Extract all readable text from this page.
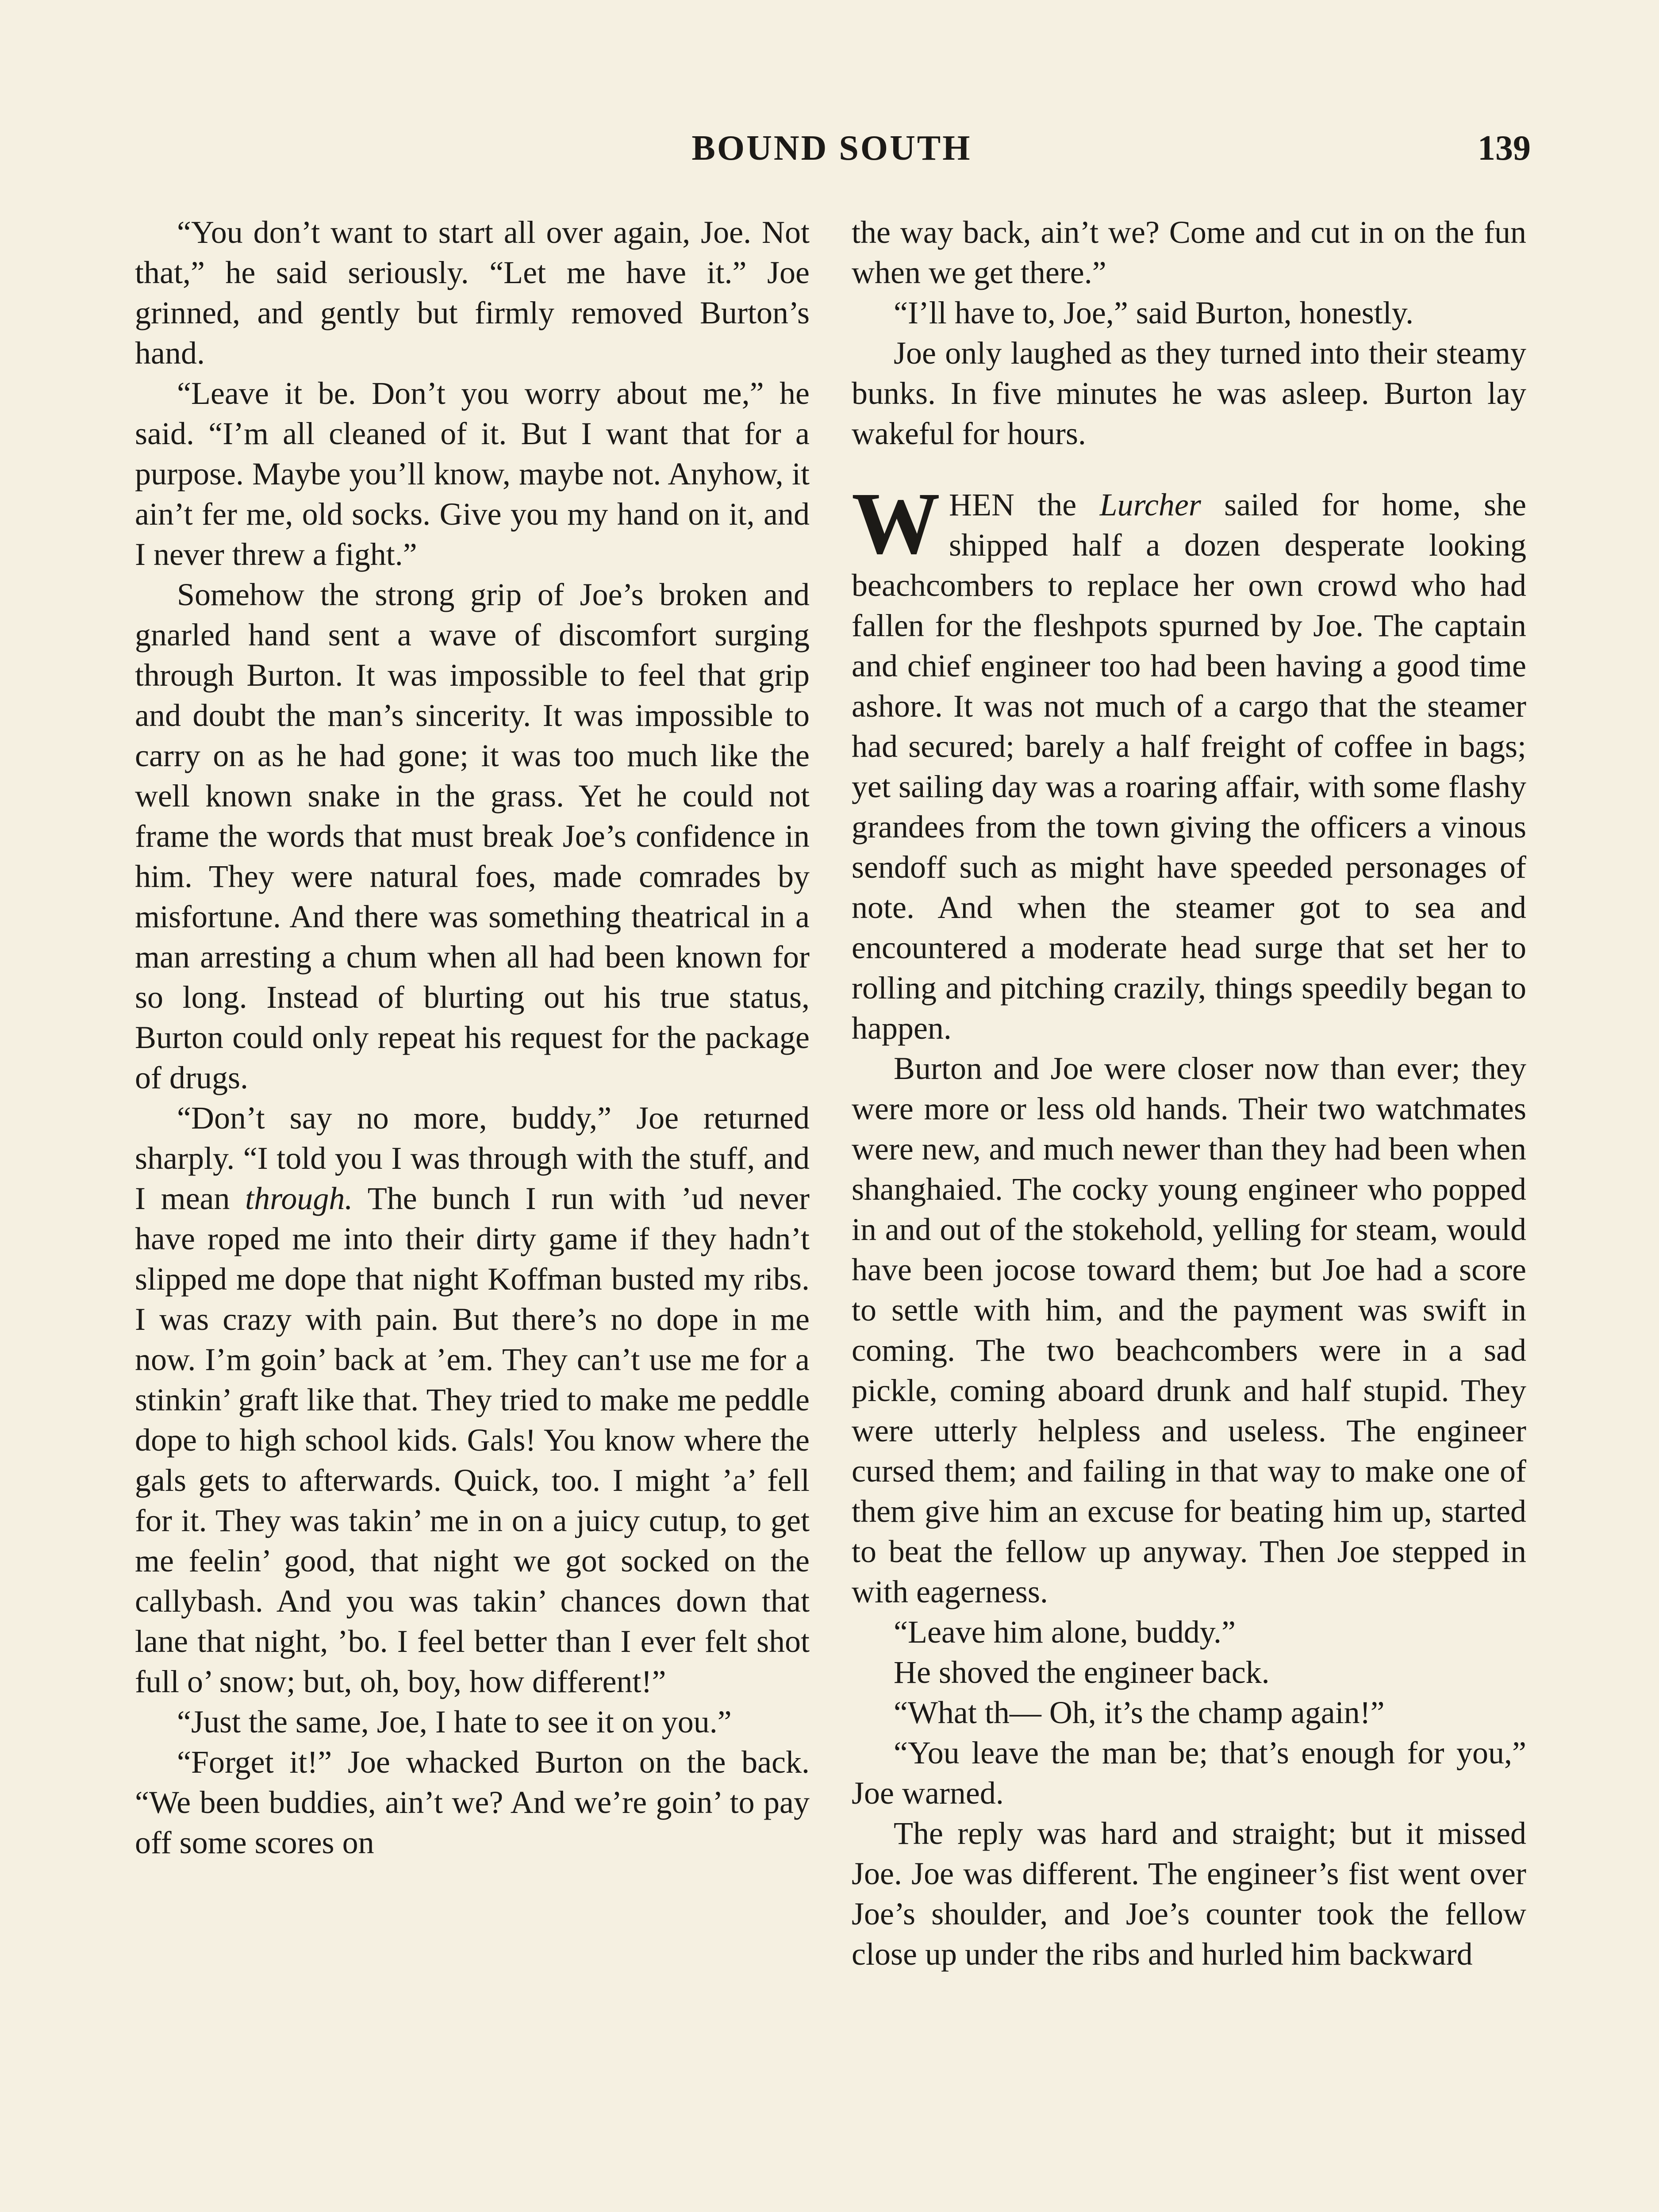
BOUND SOUTH	139

“You don’t want to start all over again, Joe. Not that,” he said seriously. “Let me have it.” Joe grinned, and gently but firmly removed Burton’s hand.

“Leave it be. Don’t you worry about me,” he said. “I’m all cleaned of it. But I want that for a purpose. Maybe you’ll know, maybe not. Anyhow, it ain’t fer me, old socks. Give you my hand on it, and I never threw a fight.”

Somehow the strong grip of Joe’s broken and gnarled hand sent a wave of discomfort surging through Burton. It was impossible to feel that grip and doubt the man’s sincerity. It was impossible to carry on as he had gone; it was too much like the well known snake in the grass. Yet he could not frame the words that must break Joe’s confidence in him. They were natural foes, made comrades by misfortune. And there was something theatrical in a man arresting a chum when all had been known for so long. Instead of blurting out his true status, Burton could only repeat his request for the package of drugs.

“Don’t say no more, buddy,” Joe returned sharply. “I told you I was through with the stuff, and I mean through. The bunch I run with ’ud never have roped me into their dirty game if they hadn’t slipped me dope that night Koffman busted my ribs. I was crazy with pain. But there’s no dope in me now. I’m goin’ back at ’em. They can’t use me for a stinkin’ graft like that. They tried to make me peddle dope to high school kids. Gals! You know where the gals gets to afterwards. Quick, too. I might ’a’ fell for it. They was takin’ me in on a juicy cutup, to get me feelin’ good, that night we got socked on the callybash. And you was takin’ chances down that lane that night, ’bo. I feel better than I ever felt shot full o’ snow; but, oh, boy, how different!”

“Just the same, Joe, I hate to see it on you.”

“Forget it!” Joe whacked Burton on the back. “We been buddies, ain’t we? And we’re goin’ to pay off some scores on

the way back, ain’t we? Come and cut in on the fun when we get there.”

“I’ll have to, Joe,” said Burton, honestly.

Joe only laughed as they turned into their steamy bunks. In five minutes he was asleep. Burton lay wakeful for hours.

WHEN the Lurcher sailed for home, she shipped half a dozen desperate looking beachcombers to replace her own crowd who had fallen for the fleshpots spurned by Joe. The captain and chief engineer too had been having a good time ashore. It was not much of a cargo that the steamer had secured; barely a half freight of coffee in bags; yet sailing day was a roaring affair, with some flashy grandees from the town giving the officers a vinous sendoff such as might have speeded personages of note. And when the steamer got to sea and encountered a moderate head surge that set her to rolling and pitching crazily, things speedily began to happen.

Burton and Joe were closer now than ever; they were more or less old hands. Their two watchmates were new, and much newer than they had been when shanghaied. The cocky young engineer who popped in and out of the stokehold, yelling for steam, would have been jocose toward them; but Joe had a score to settle with him, and the payment was swift in coming. The two beachcombers were in a sad pickle, coming aboard drunk and half stupid. They were utterly helpless and useless. The engineer cursed them; and failing in that way to make one of them give him an excuse for beating him up, started to beat the fellow up anyway. Then Joe stepped in with eagerness.

“Leave him alone, buddy.”

He shoved the engineer back.

“What th— Oh, it’s the champ again!”

“You leave the man be; that’s enough for you,” Joe warned.

The reply was hard and straight; but it missed Joe. Joe was different. The engineer’s fist went over Joe’s shoulder, and Joe’s counter took the fellow close up under the ribs and hurled him backward
